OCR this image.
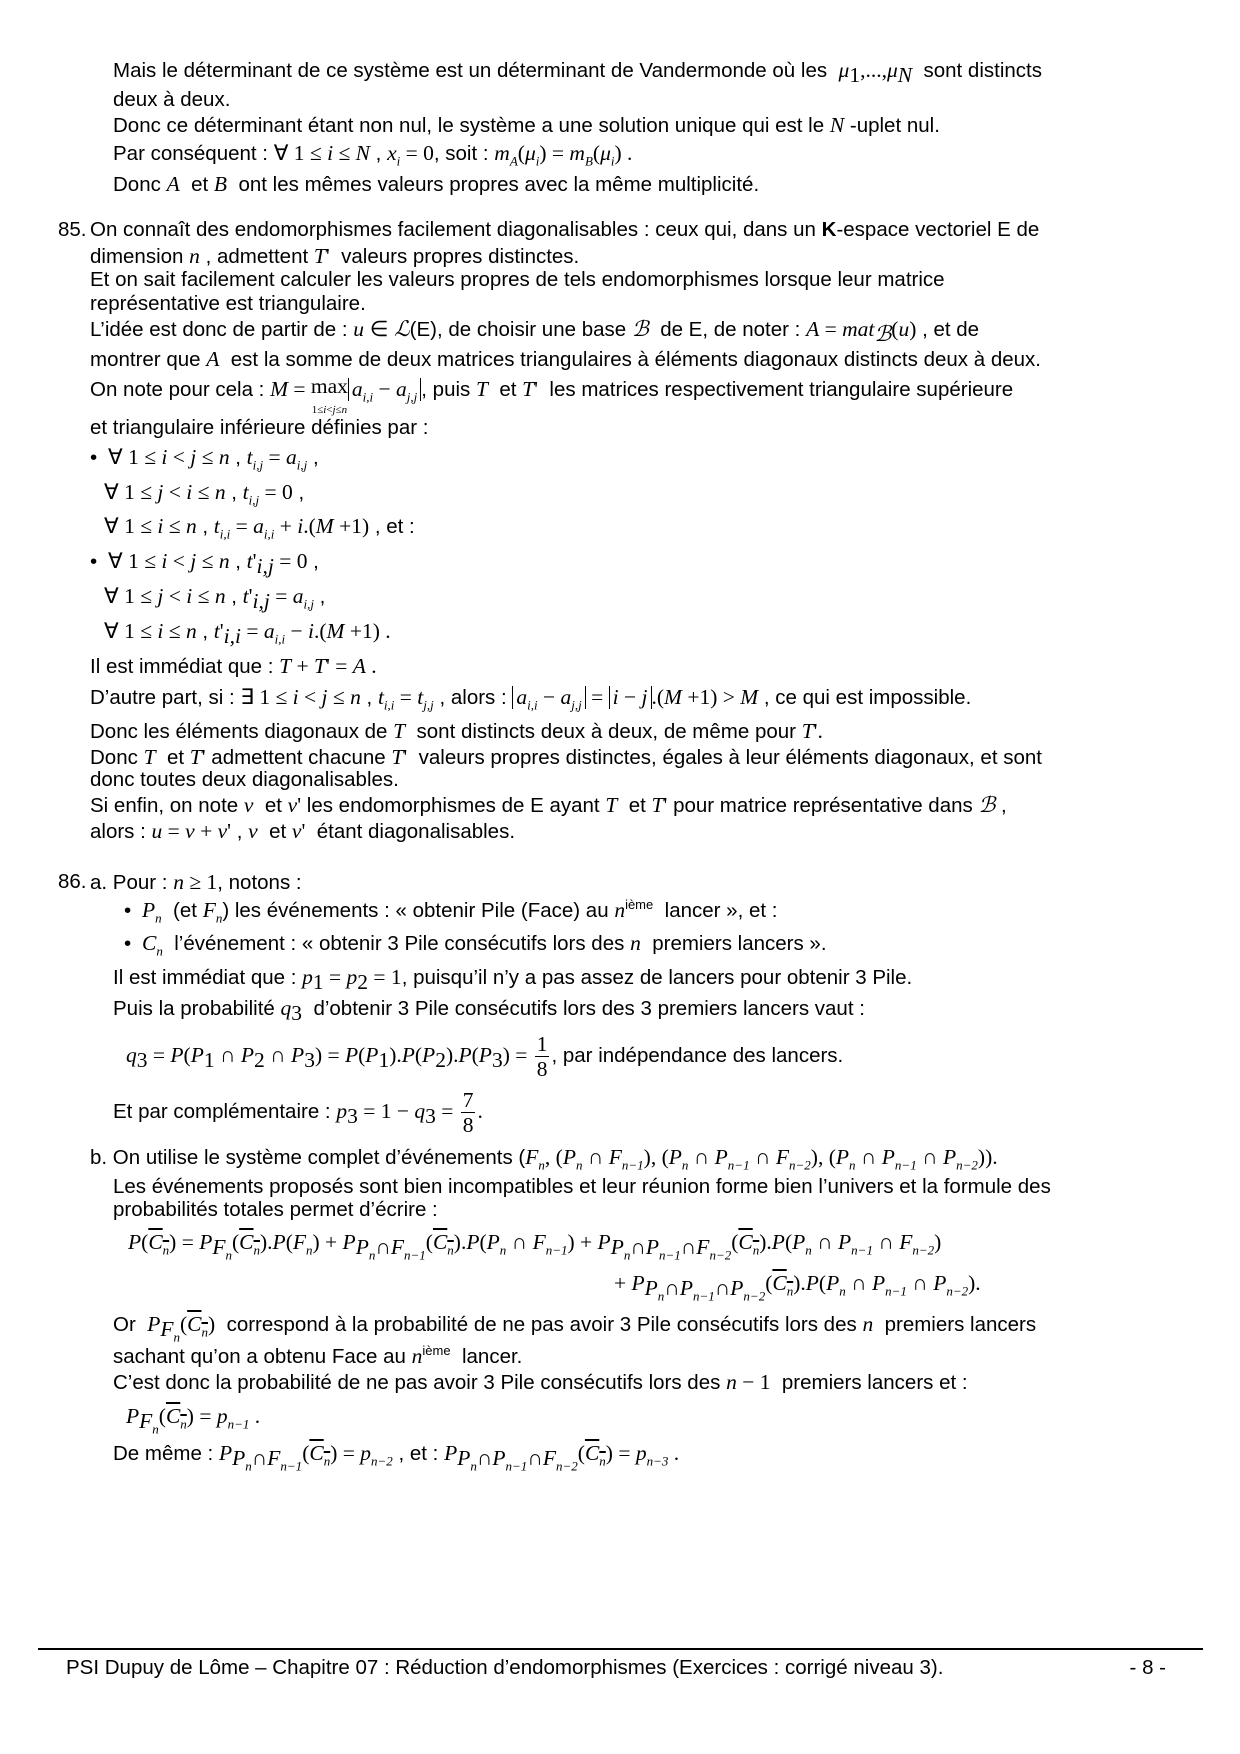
Mais le déterminant de ce système est un déterminant de Vandermonde où les $\mu_1,...,\mu_N$ sont distincts
deux à deux.
Donc ce déterminant étant non nul, le système a une solution unique qui est le N -uplet nul.
Par conséquent : ∀ 1 ≤ i ≤ N , $x_i = 0$, soit : $m_A(\mu_i) = m_B(\mu_i)$ .
Donc A et B ont les mêmes valeurs propres avec la même multiplicité.
85. On connaît des endomorphismes facilement diagonalisables : ceux qui, dans un K-espace vectoriel E de
dimension n , admettent T' valeurs propres distinctes.
Et on sait facilement calculer les valeurs propres de tels endomorphismes lorsque leur matrice
représentative est triangulaire.
L’idée est donc de partir de : u ∈ ℒ(E), de choisir une base ℬ de E, de noter : A = mat$_ℬ$(u) , et de
montrer que A est la somme de deux matrices triangulaires à éléments diagonaux distincts deux à deux.
On note pour cela : M = max
$1\le i<j\le na_{i,i} - a_{j,j}$ , puis T et T' les matrices respectivement triangulaire supérieure
et triangulaire inférieure définies par :
• ∀ 1 ≤ i < j ≤ n , $t_{i,j} = a_{i,j}$ ,
∀ 1 ≤ j < i ≤ n , $t_{i,j} = 0$ ,
∀ 1 ≤ i ≤ n , $t_{i,i} = a_{i,i} + i.(M +1)$ , et :
• ∀ 1 ≤ i < j ≤ n , $t'_{i,j} = 0$ ,
∀ 1 ≤ j < i ≤ n , $t'_{i,j} = a_{i,j}$ ,
∀ 1 ≤ i ≤ n , $t'_{i,i} = a_{i,i} - i.(M +1)$ .
Il est immédiat que : T + T' = A .
D’autre part, si : ∃ 1 ≤ i < j ≤ n , $t_{i,i} = t_{j,j}$ , alors : $a_{i,i} - a_{j,j} = i - j$ .(M +1) > M , ce qui est impossible.
Donc les éléments diagonaux de T sont distincts deux à deux, de même pour T'.
Donc T et T' admettent chacune T' valeurs propres distinctes, égales à leur éléments diagonaux, et sont
donc toutes deux diagonalisables.
Si enfin, on note v et v' les endomorphismes de E ayant T et T' pour matrice représentative dans ℬ ,
alors : u = v + v' , v et v' étant diagonalisables.
86. a. Pour : n ≥ 1, notons :
• $P_n$ (et $F_n$) les événements : « obtenir Pile (Face) au $n^{ième}$ lancer », et :
• $C_n$ l’événement : « obtenir 3 Pile consécutifs lors des n premiers lancers ».
Il est immédiat que : $p_1 = p_2 = 1$, puisqu’il n’y a pas assez de lancers pour obtenir 3 Pile.
Puis la probabilité $q_3$ d’obtenir 3 Pile consécutifs lors des 3 premiers lancers vaut :
$q_3 = P(P_1$ ∩ $P_2$ ∩ $P_3) = P(P_1).P(P_2).P(P_3) = \frac{1}{8}$ , par indépendance des lancers.
Et par complémentaire : $p_3 = 1 - q_3 = \frac{7}{8}$ .
b. On utilise le système complet d’événements ($F_n$, ($P_n$ ∩ $F_{n-1}$), ($P_n$ ∩ $P_{n-1}$ ∩ $F_{n-2}$), ($P_n$ ∩ $P_{n-1}$ ∩ $P_{n-2}$)).
Les événements proposés sont bien incompatibles et leur réunion forme bien l’univers et la formule des
probabilités totales permet d’écrire :
$P(C_n) = P_{F_n}(C_n).P(F_n) + P_{P_n\cap F_{n-1}}(C_n).P(P_n$ ∩ $F_{n-1}) + P_{P_n\cap P_{n-1}\cap F_{n-2}}(C_n).P(P_n$ ∩ $P_{n-1}$ ∩ $F_{n-2}$)
+ $P_{P_n\cap P_{n-1}\cap P_{n-2}}(C_n).P(P_n$ ∩ $P_{n-1}$ ∩ $P_{n-2}$).
Or $P_{F_n}(C_n)$ correspond à la probabilité de ne pas avoir 3 Pile consécutifs lors des n premiers lancers
sachant qu’on a obtenu Face au $n^{ième}$ lancer.
C’est donc la probabilité de ne pas avoir 3 Pile consécutifs lors des n − 1 premiers lancers et :
$P_{F_n}(C_n) = p_{n-1}$ .
De même : $P_{P_n\cap F_{n-1}}(C_n) = p_{n-2}$ , et : $P_{P_n\cap P_{n-1}\cap F_{n-2}}(C_n) = p_{n-3}$ .
PSI Dupuy de Lôme – Chapitre 07 : Réduction d’endomorphismes (Exercices : corrigé niveau 3).	- 8 -
